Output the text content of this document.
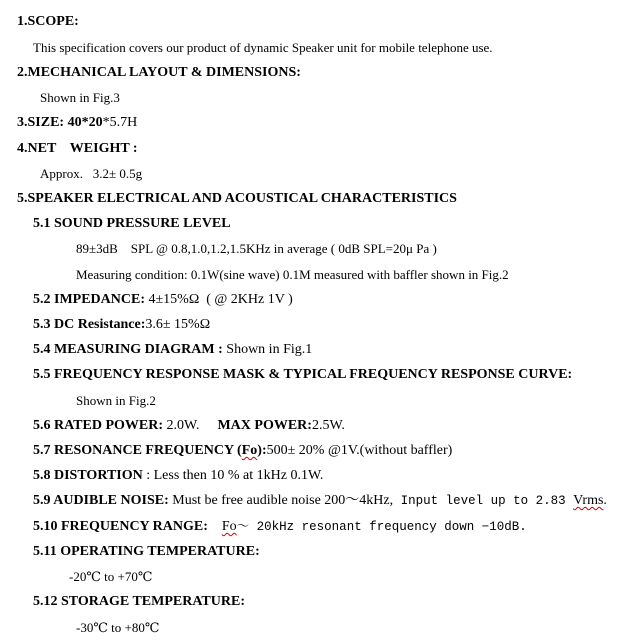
1.SCOPE:
This specification covers our product of dynamic Speaker unit for mobile telephone use.
2.MECHANICAL LAYOUT & DIMENSIONS:
Shown in Fig.3
3.SIZE: 40*20*5.7H
4.NET    WEIGHT :
Approx.   3.2± 0.5g
5.SPEAKER ELECTRICAL AND ACOUSTICAL CHARACTERISTICS
5.1 SOUND PRESSURE LEVEL
89±3dB    SPL @ 0.8,1.0,1.2,1.5KHz in average ( 0dB SPL=20μ Pa )
Measuring condition: 0.1W(sine wave) 0.1M measured with baffler shown in Fig.2
5.2 IMPEDANCE: 4±15%Ω  ( @ 2KHz 1V )
5.3 DC Resistance:3.6± 15%Ω
5.4 MEASURING DIAGRAM : Shown in Fig.1
5.5 FREQUENCY RESPONSE MASK & TYPICAL FREQUENCY RESPONSE CURVE:
Shown in Fig.2
5.6 RATED POWER: 2.0W. MAX POWER:2.5W.
5.7 RESONANCE FREQUENCY (Fo):500± 20% @1V.(without baffler)
5.8 DISTORTION : Less then 10 % at 1kHz 0.1W.
5.9 AUDIBLE NOISE: Must be free audible noise 200～4kHz, Input level up to 2.83 Vrms.
5.10 FREQUENCY RANGE: Fo～ 20kHz resonant frequency down −10dB.
5.11 OPERATING TEMPERATURE:
-20℃ to +70℃
5.12 STORAGE TEMPERATURE:
-30℃ to +80℃
